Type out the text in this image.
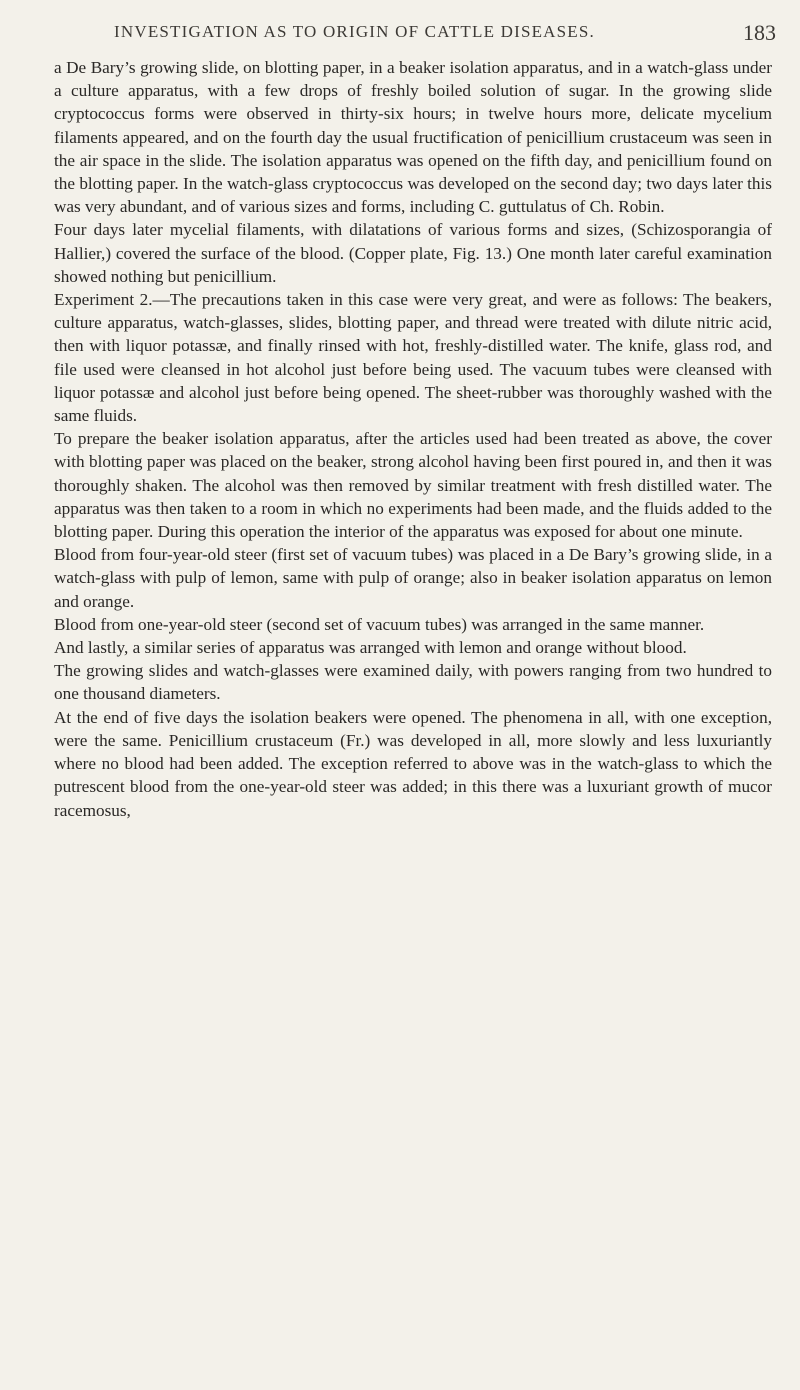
INVESTIGATION AS TO ORIGIN OF CATTLE DISEASES.	183

a De Bary’s growing slide, on blotting paper, in a beaker isolation apparatus, and in a watch-glass under a culture apparatus, with a few drops of freshly boiled solution of sugar. In the growing slide cryptococcus forms were observed in thirty-six hours; in twelve hours more, delicate mycelium filaments appeared, and on the fourth day the usual fructification of penicillium crustaceum was seen in the air space in the slide. The isolation apparatus was opened on the fifth day, and penicillium found on the blotting paper. In the watch-glass cryptococcus was developed on the second day; two days later this was very abundant, and of various sizes and forms, including C. guttulatus of Ch. Robin.

Four days later mycelial filaments, with dilatations of various forms and sizes, (Schizosporangia of Hallier,) covered the surface of the blood. (Copper plate, Fig. 13.) One month later careful examination showed nothing but penicillium.

Experiment 2.—The precautions taken in this case were very great, and were as follows: The beakers, culture apparatus, watch-glasses, slides, blotting paper, and thread were treated with dilute nitric acid, then with liquor potassæ, and finally rinsed with hot, freshly-distilled water. The knife, glass rod, and file used were cleansed in hot alcohol just before being used. The vacuum tubes were cleansed with liquor potassæ and alcohol just before being opened. The sheet-rubber was thoroughly washed with the same fluids.

To prepare the beaker isolation apparatus, after the articles used had been treated as above, the cover with blotting paper was placed on the beaker, strong alcohol having been first poured in, and then it was thoroughly shaken. The alcohol was then removed by similar treatment with fresh distilled water. The apparatus was then taken to a room in which no experiments had been made, and the fluids added to the blotting paper. During this operation the interior of the apparatus was exposed for about one minute.

Blood from four-year-old steer (first set of vacuum tubes) was placed in a De Bary’s growing slide, in a watch-glass with pulp of lemon, same with pulp of orange; also in beaker isolation apparatus on lemon and orange.

Blood from one-year-old steer (second set of vacuum tubes) was arranged in the same manner.

And lastly, a similar series of apparatus was arranged with lemon and orange without blood.

The growing slides and watch-glasses were examined daily, with powers ranging from two hundred to one thousand diameters.

At the end of five days the isolation beakers were opened. The phenomena in all, with one exception, were the same. Penicillium crustaceum (Fr.) was developed in all, more slowly and less luxuriantly where no blood had been added. The exception referred to above was in the watch-glass to which the putrescent blood from the one-year-old steer was added; in this there was a luxuriant growth of mucor racemosus,
